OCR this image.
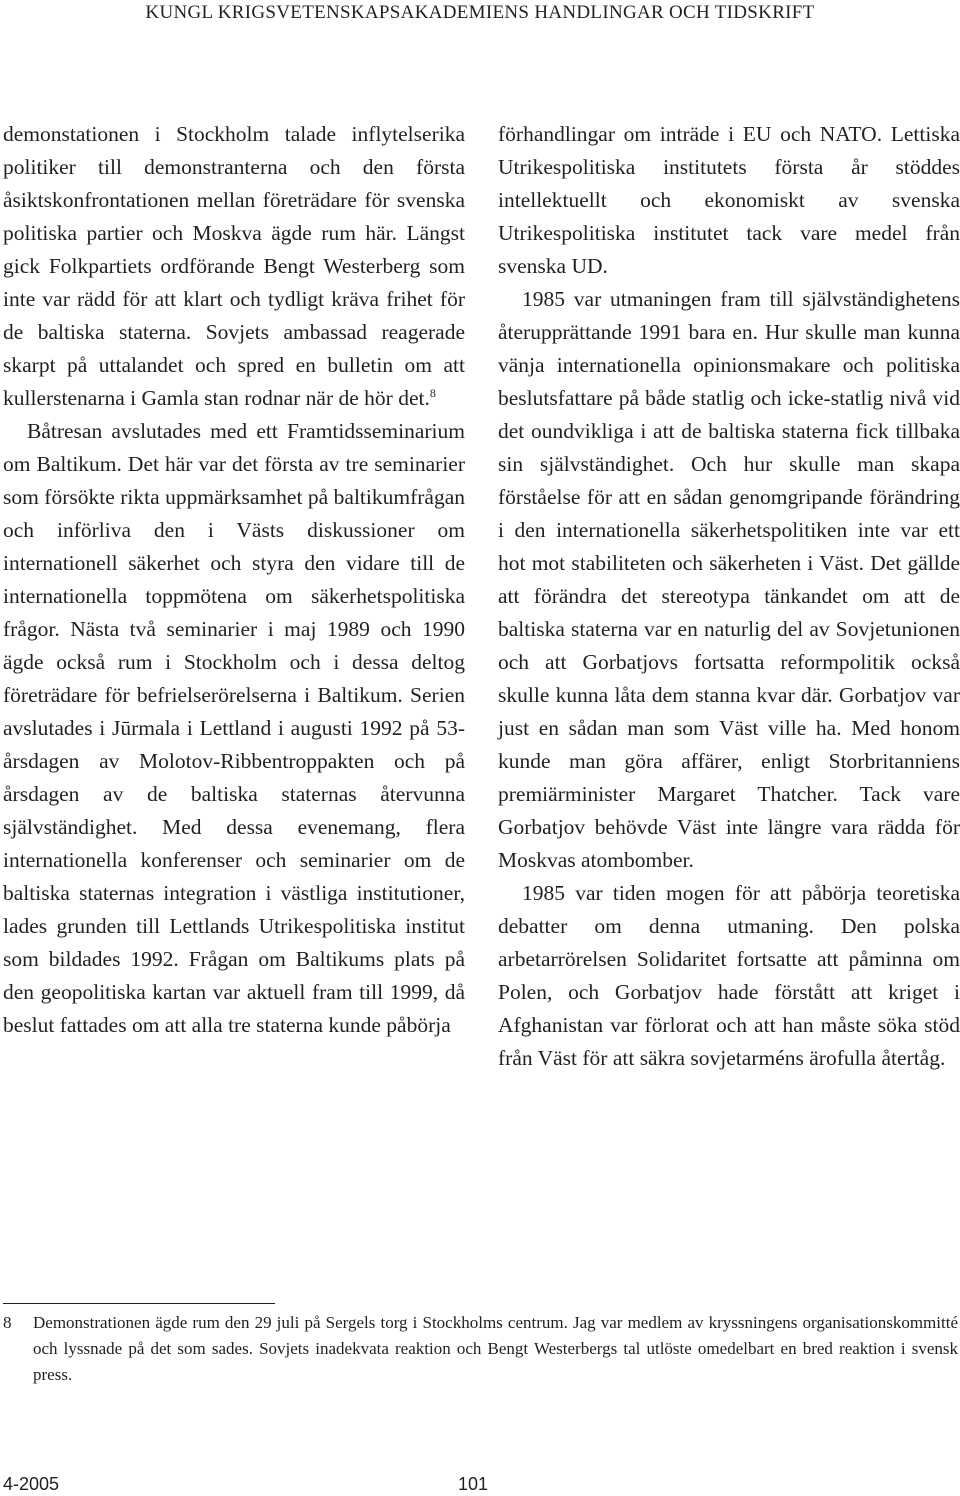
KUNGL KRIGSVETENSKAPSAKADEMIENS HANDLINGAR OCH TIDSKRIFT

demonstationen i Stockholm talade inflytelserika politiker till demonstranterna och den första åsiktskonfrontationen mellan företrädare för svenska politiska partier och Moskva ägde rum här. Längst gick Folkpartiets ordförande Bengt Westerberg som inte var rädd för att klart och tydligt kräva frihet för de baltiska staterna. Sovjets ambassad reagerade skarpt på uttalandet och spred en bulletin om att kullerstenarna i Gamla stan rodnar när de hör det.$^8$

Båtresan avslutades med ett Framtidsseminarium om Baltikum. Det här var det första av tre seminarier som försökte rikta uppmärksamhet på baltikumfrågan och införliva den i Västs diskussioner om internationell säkerhet och styra den vidare till de internationella toppmötena om säkerhetspolitiska frågor. Nästa två seminarier i maj 1989 och 1990 ägde också rum i Stockholm och i dessa deltog företrädare för befrielserörelserna i Baltikum. Serien avslutades i Jūrmala i Lettland i augusti 1992 på 53-årsdagen av Molotov-Ribbentroppakten och på årsdagen av de baltiska staternas återvunna självständighet. Med dessa evenemang, flera internationella konferenser och seminarier om de baltiska staternas integration i västliga institutioner, lades grunden till Lettlands Utrikespolitiska institut som bildades 1992. Frågan om Baltikums plats på den geopolitiska kartan var aktuell fram till 1999, då beslut fattades om att alla tre staterna kunde påbörja

förhandlingar om inträde i EU och NATO. Lettiska Utrikespolitiska institutets första år stöddes intellektuellt och ekonomiskt av svenska Utrikespolitiska institutet tack vare medel från svenska UD.

1985 var utmaningen fram till självständighetens återupprättande 1991 bara en. Hur skulle man kunna vänja internationella opinionsmakare och politiska beslutsfattare på både statlig och icke-statlig nivå vid det oundvikliga i att de baltiska staterna fick tillbaka sin självständighet. Och hur skulle man skapa förståelse för att en sådan genomgripande förändring i den internationella säkerhetspolitiken inte var ett hot mot stabiliteten och säkerheten i Väst. Det gällde att förändra det stereotypa tänkandet om att de baltiska staterna var en naturlig del av Sovjetunionen och att Gorbatjovs fortsatta reformpolitik också skulle kunna låta dem stanna kvar där. Gorbatjov var just en sådan man som Väst ville ha. Med honom kunde man göra affärer, enligt Storbritanniens premiärminister Margaret Thatcher. Tack vare Gorbatjov behövde Väst inte längre vara rädda för Moskvas atombomber.

1985 var tiden mogen för att påbörja teoretiska debatter om denna utmaning. Den polska arbetarrörelsen Solidaritet fortsatte att påminna om Polen, och Gorbatjov hade förstått att kriget i Afghanistan var förlorat och att han måste söka stöd från Väst för att säkra sovjetarméns ärofulla återtåg.

8	Demonstrationen ägde rum den 29 juli på Sergels torg i Stockholms centrum. Jag var medlem av kryssningens organisationskommitté och lyssnade på det som sades. Sovjets inadekvata reaktion och Bengt Westerbergs tal utlöste omedelbart en bred reaktion i svensk press.
4-2005	101
